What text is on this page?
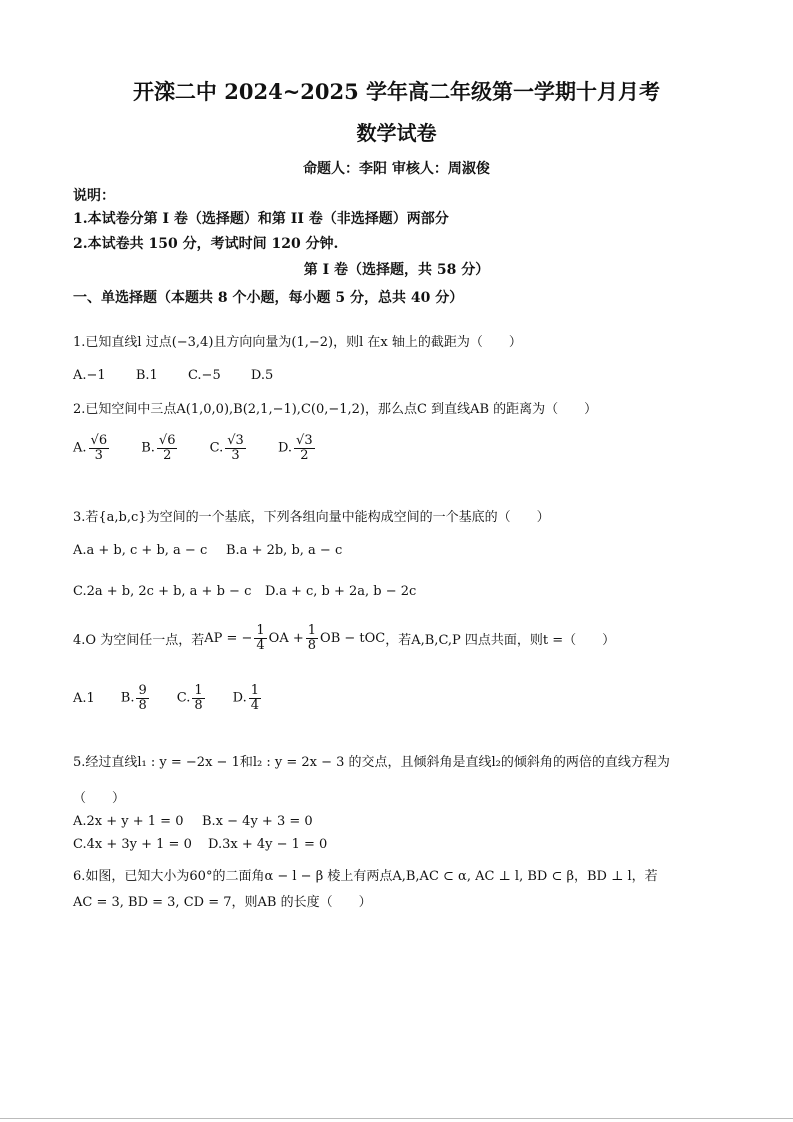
开滦二中 2024~2025 学年高二年级第一学期十月月考
数学试卷
命题人：李阳 审核人：周淑俊
说明：
1.本试卷分第 I 卷（选择题）和第 II 卷（非选择题）两部分
2.本试卷共 150 分，考试时间 120 分钟.
第 I 卷（选择题，共 58 分）
一、单选择题（本题共 8 个小题，每小题 5 分，总共 40 分）
1.已知直线l 过点(−3,4)且方向向量为(1,−2)，则l 在x 轴上的截距为（　　）
A.−1 B.1 C.−5 D.5
2.已知空间中三点A(1,0,0),B(2,1,−1),C(0,−1,2)，那么点C 到直线AB 的距离为（　　）
A. $\frac{√6}{3} B$. $\frac{√6}{2} C$. $\frac{√3}{3} D$. $\frac{√3}{2}$
3.若{a,b,c}为空间的一个基底，下列各组向量中能构成空间的一个基底的（　　）
A.a + b, c + b, a − c B.a + 2b, b, a − c
C.2a + b, 2c + b, a + b − c D.a + c, b + 2a, b − 2c
4.O 为空间任一点，若 AP = − $\frac{1}{4}$ OA + $\frac{1}{8}$ OB − tOC ，若A,B,C,P 四点共面，则t =（　　）
A.1 B. $\frac{9}{8} C$. $\frac{1}{8} D$. $\frac{1}{4}$
5.经过直线l₁ : y = −2x − 1和l₂ : y = 2x − 3 的交点，且倾斜角是直线l₂的倾斜角的两倍的直线方程为
（　　）
A.2x + y + 1 = 0 B.x − 4y + 3 = 0
C.4x + 3y + 1 = 0 D.3x + 4y − 1 = 0
6.如图，已知大小为60°的二面角α − l − β 棱上有两点A,B,AC ⊂ α, AC ⊥ l, BD ⊂ β，BD ⊥ l，若
AC = 3, BD = 3, CD = 7，则AB 的长度（　　）
